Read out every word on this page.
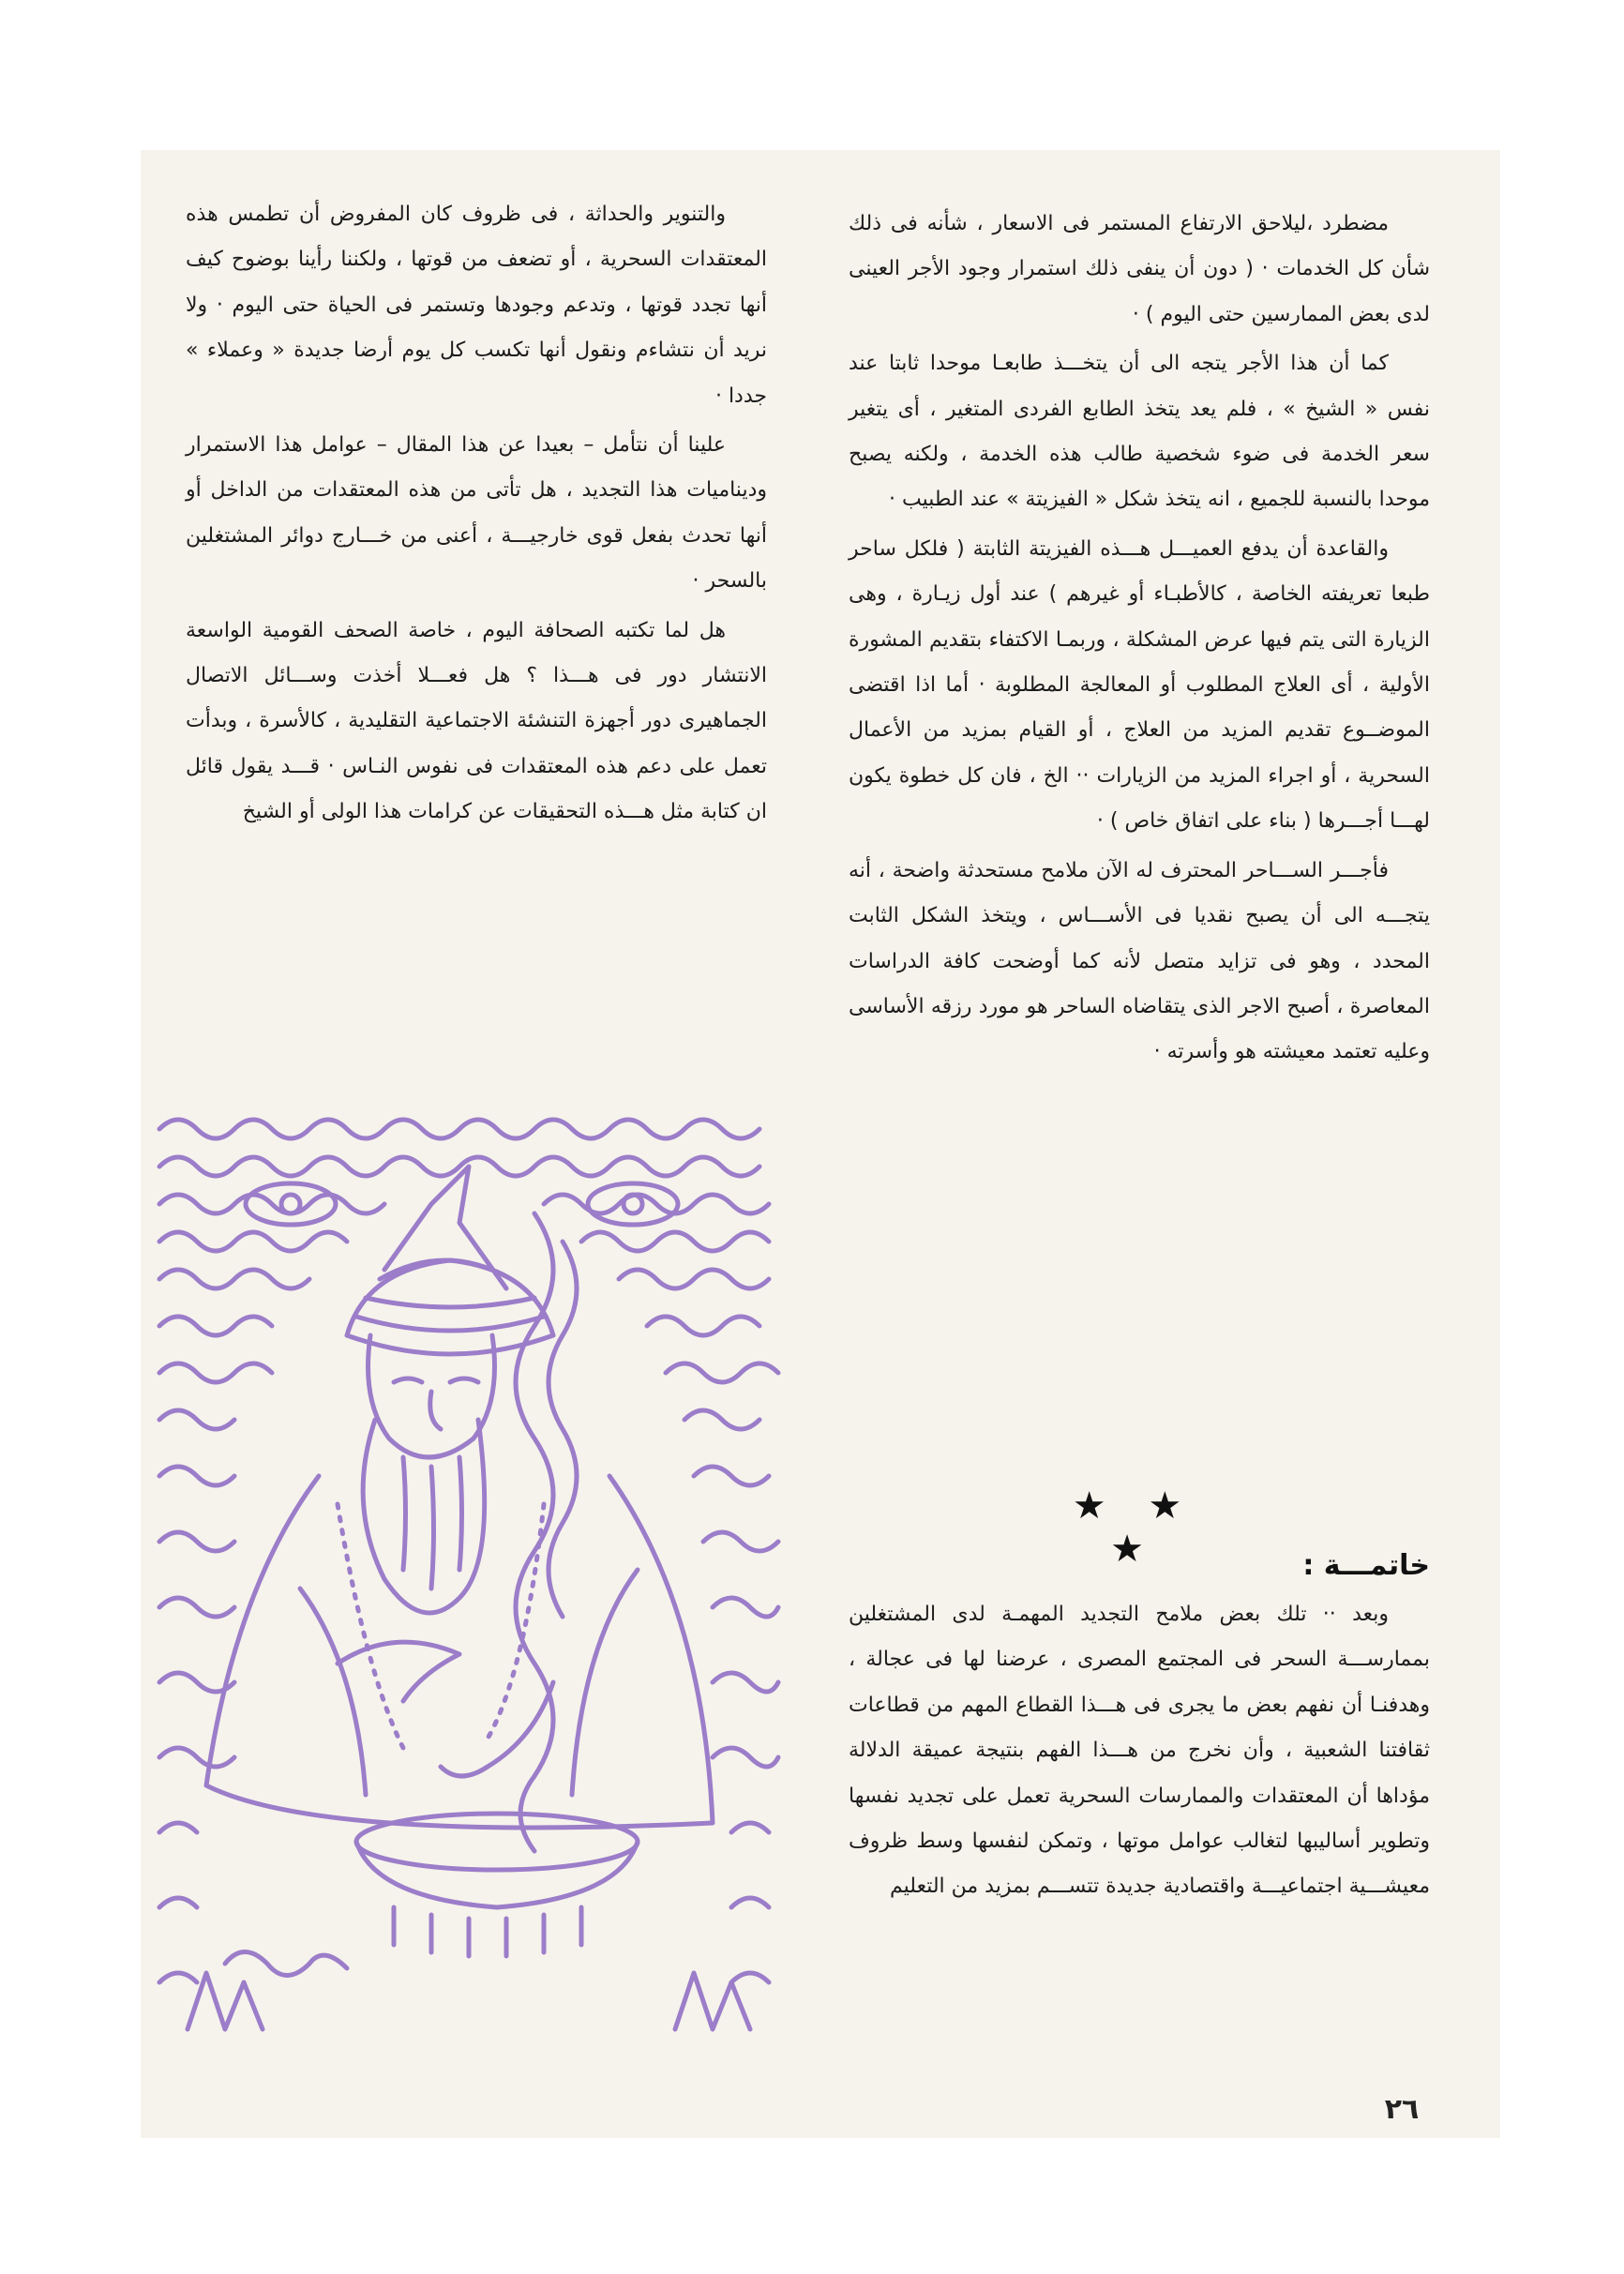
مضطرد ،ليلاحق الارتفاع المستمر فى الاسعار ، شأنه فى ذلك شأن كل الخدمات · ( دون أن ينفى ذلك استمرار وجود الأجر العينى لدى بعض الممارسين حتى اليوم ) ·

كما أن هذا الأجر يتجه الى أن يتخـــذ طابعـا موحدا ثابتا عند نفس « الشيخ » ، فلم يعد يتخذ الطابع الفردى المتغير ، أى يتغير سعر الخدمة فى ضوء شخصية طالب هذه الخدمة ، ولكنه يصبح موحدا بالنسبة للجميع ، انه يتخذ شكل « الفيزيتة » عند الطبيب ·

والقاعدة أن يدفع العميـــل هـــذه الفيزيتة الثابتة ( فلكل ساحر طبعا تعريفته الخاصة ، كالأطبـاء أو غيرهم ) عند أول زيـارة ، وهى الزيارة التى يتم فيها عرض المشكلة ، وربمـا الاكتفاء بتقديم المشورة الأولية ، أى العلاج المطلوب أو المعالجة المطلوبة · أما اذا اقتضى الموضــوع تقديم المزيد من العلاج ، أو القيام بمزيد من الأعمال السحرية ، أو اجراء المزيد من الزيارات ·· الخ ، فان كل خطوة يكون لهـــا أجـــرها ( بناء على اتفاق خاص ) ·

فأجـــر الســـاحر المحترف له الآن ملامح مستحدثة واضحة ، أنه يتجـــه الى أن يصبح نقديا فى الأســـاس ، ويتخذ الشكل الثابت المحدد ، وهو فى تزايد متصل لأنه كما أوضحت كافة الدراسات المعاصرة ، أصبح الاجر الذى يتقاضاه الساحر هو مورد رزقه الأساسى وعليه تعتمد معيشته هو وأسرته ·

★ ★ ★	خاتمـــة :

وبعد ·· تلك بعض ملامح التجديد المهمـة لدى المشتغلين بممارســـة السحر فى المجتمع المصرى ، عرضنا لها فى عجالة ، وهدفنـا أن نفهم بعض ما يجرى فى هـــذا القطاع المهم من قطاعات ثقافتنا الشعبية ، وأن نخرج من هـــذا الفهم بنتيجة عميقة الدلالة مؤداها أن المعتقدات والممارسات السحرية تعمل على تجديد نفسها وتطوير أساليبها لتغالب عوامل موتها ، وتمكن لنفسها وسط ظروف معيشـــية اجتماعيـــة واقتصادية جديدة تتســـم بمزيد من التعليم

والتنوير والحداثة ، فى ظروف كان المفروض أن تطمس هذه المعتقدات السحرية ، أو تضعف من قوتها ، ولكننا رأينا بوضوح كيف أنها تجدد قوتها ، وتدعم وجودها وتستمر فى الحياة حتى اليوم · ولا نريد أن نتشاءم ونقول أنها تكسب كل يوم أرضا جديدة « وعملاء » جددا ·

علينا أن نتأمل – بعيدا عن هذا المقال – عوامل هذا الاستمرار وديناميات هذا التجديد ، هل تأتى من هذه المعتقدات من الداخل أو أنها تحدث بفعل قوى خارجيـــة ، أعنى من خـــارج دوائر المشتغلين بالسحر ·

هل لما تكتبه الصحافة اليوم ، خاصة الصحف القومية الواسعة الانتشار دور فى هـــذا ؟ هل فعـــلا أخذت وســـائل الاتصال الجماهيرى دور أجهزة التنشئة الاجتماعية التقليدية ، كالأسرة ، وبدأت تعمل على دعم هذه المعتقدات فى نفوس النـاس · قـــد يقول قائل ان كتابة مثل هـــذه التحقيقات عن كرامات هذا الولى أو الشيخ

٢٦
